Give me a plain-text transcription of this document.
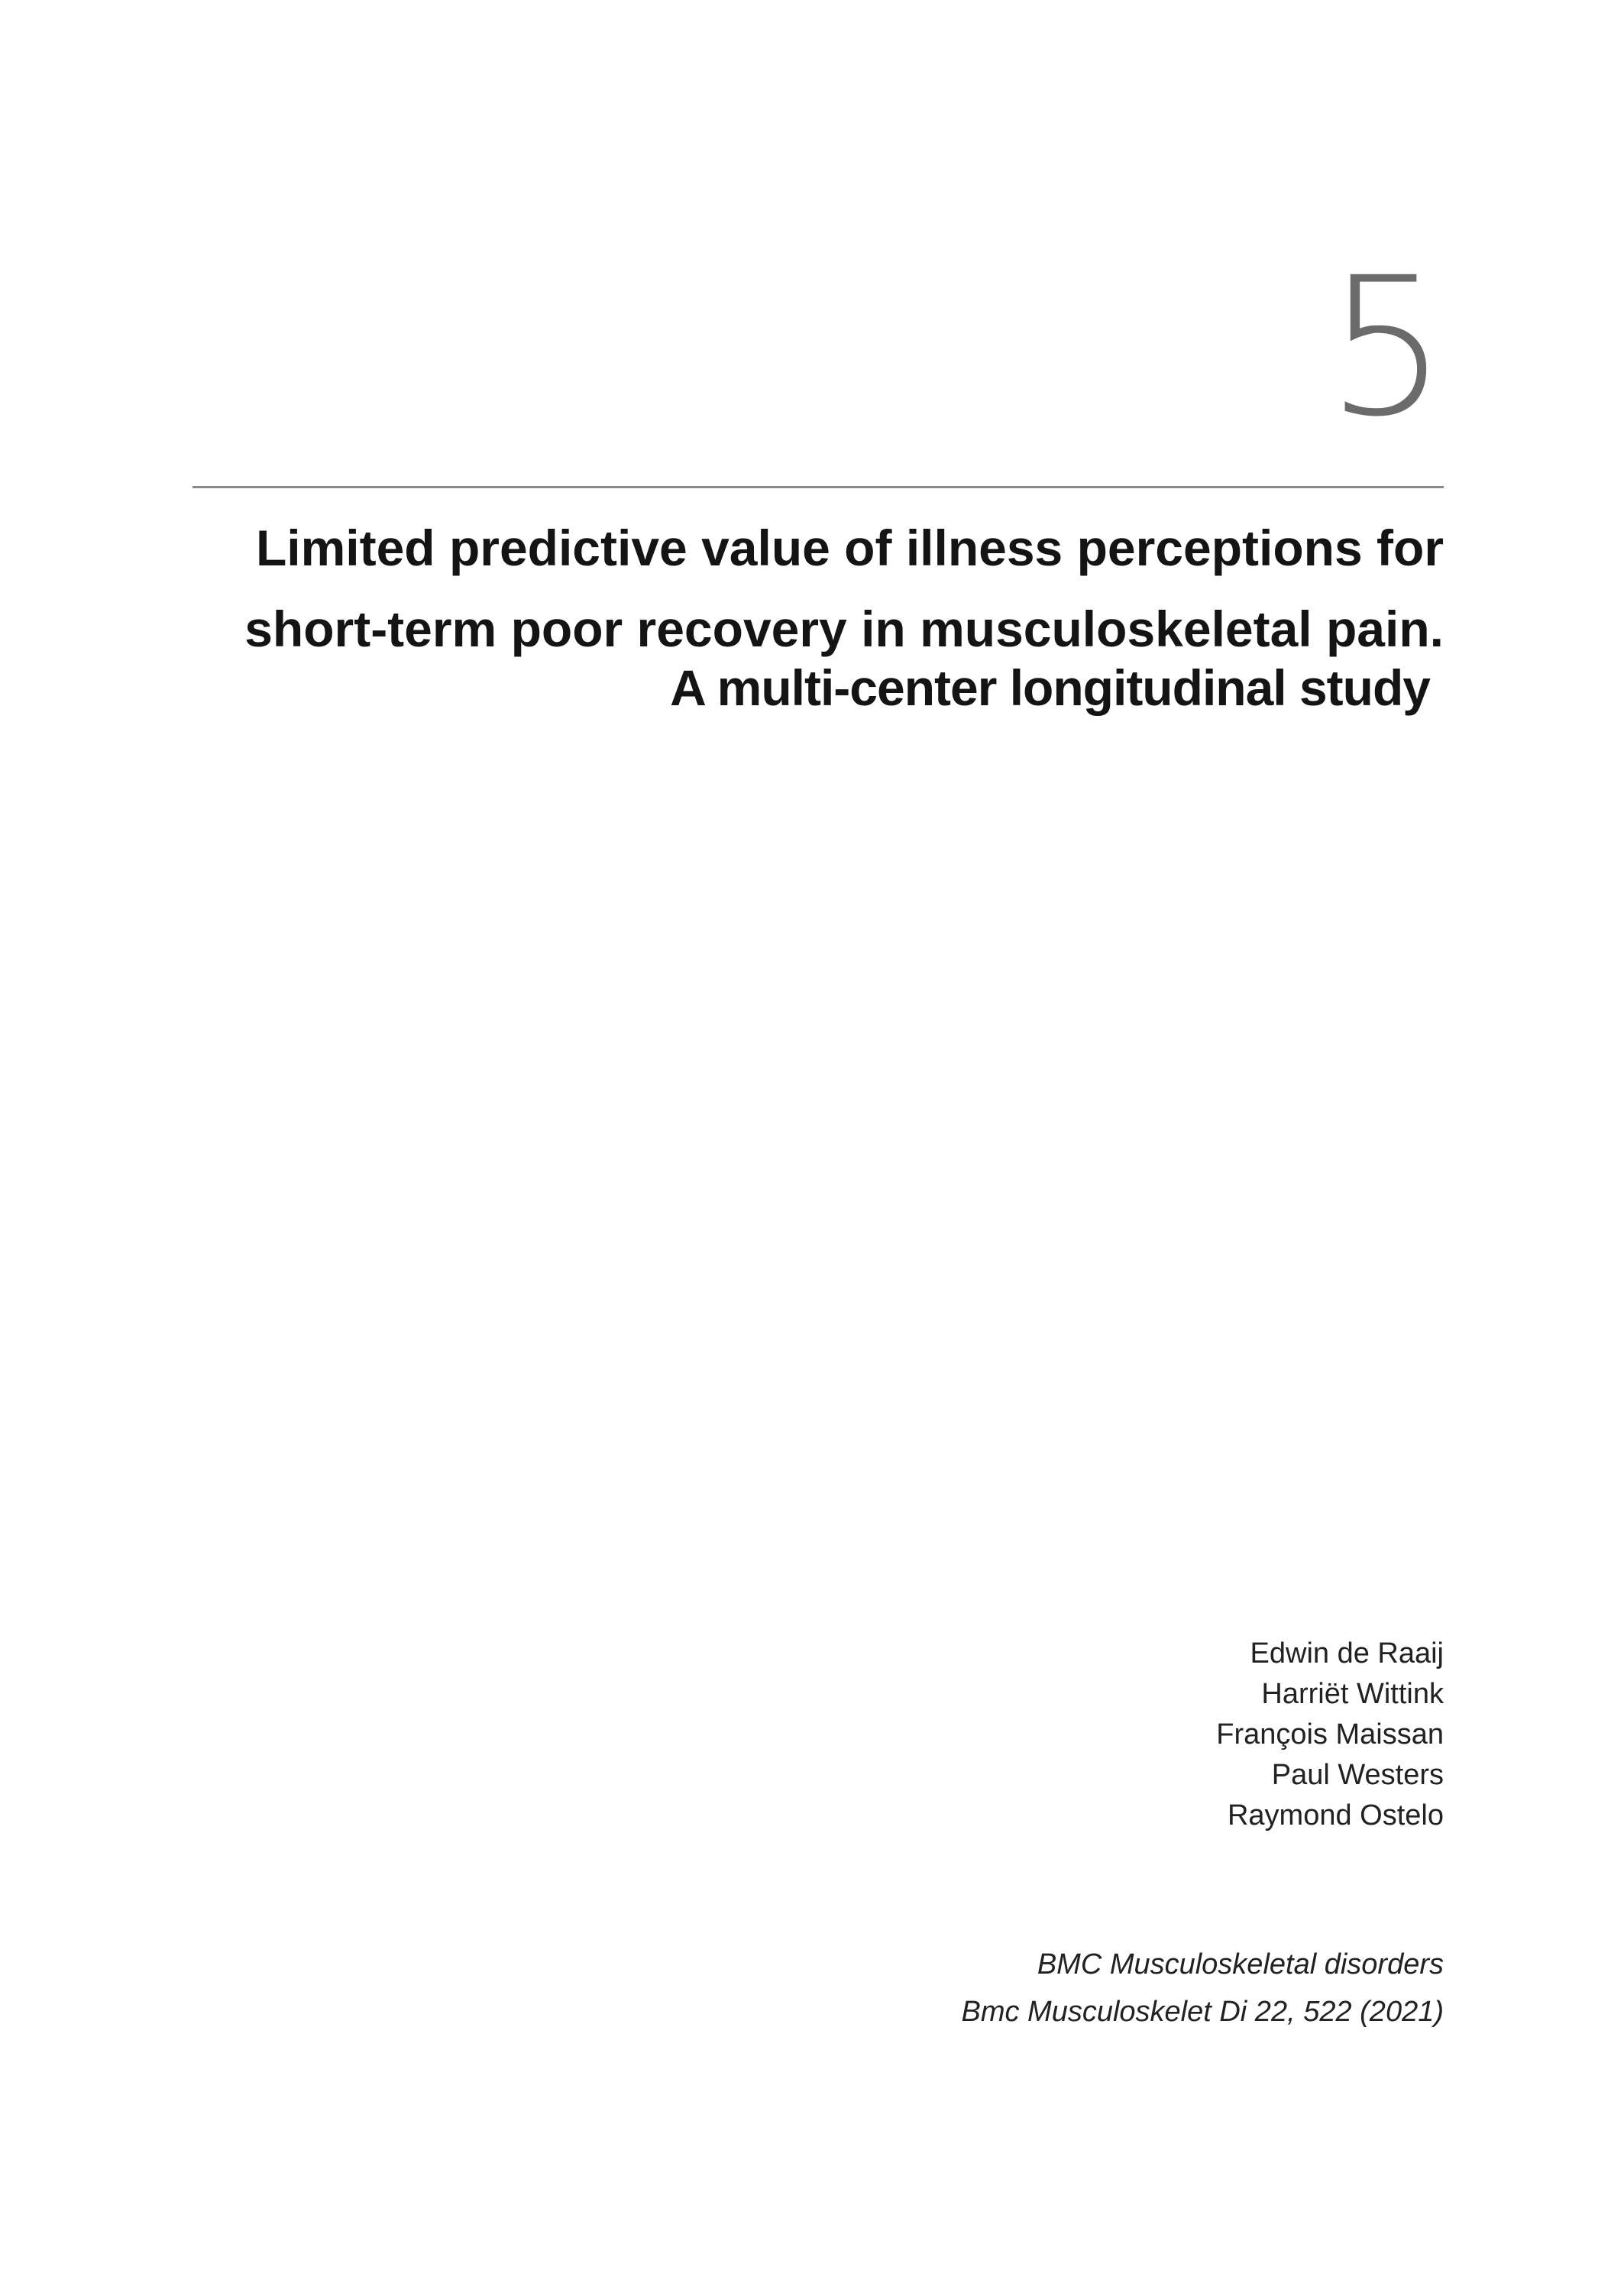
5
Limited predictive value of illness perceptions for
short-term poor recovery in musculoskeletal pain.
A multi-center longitudinal study
Edwin de Raaij
Harriët Wittink
François Maissan
Paul Westers
Raymond Ostelo
BMC Musculoskeletal disorders
Bmc Musculoskelet Di 22, 522 (2021)
